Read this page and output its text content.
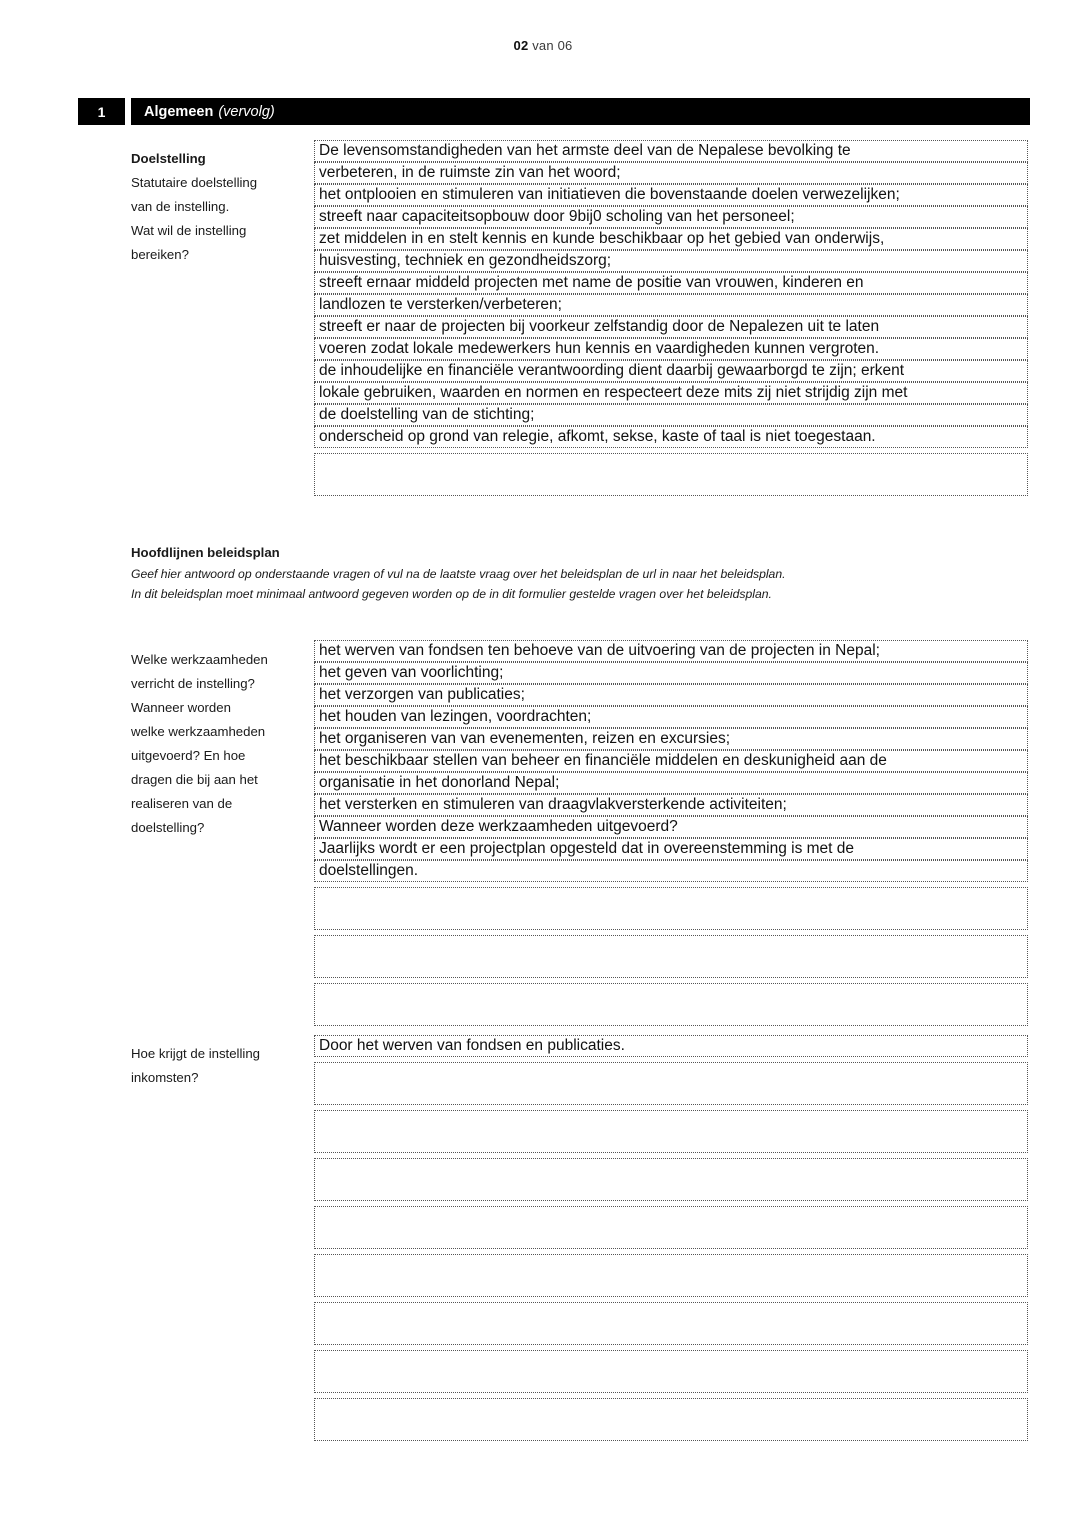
02 van 06
1	Algemeen (vervolg)
Doelstelling
Statutaire doelstelling
van de instelling.
Wat wil de instelling
bereiken?
De levensomstandigheden van het armste deel van de Nepalese bevolking te
verbeteren, in de ruimste zin van het woord;
het ontplooien en stimuleren van initiatieven die bovenstaande doelen verwezelijken;
streeft naar capaciteitsopbouw door 9bij0 scholing van het personeel;
zet middelen in en stelt kennis en kunde beschikbaar op het gebied van onderwijs,
huisvesting, techniek en gezondheidszorg;
streeft ernaar middeld projecten met name de positie van vrouwen, kinderen en
landlozen te versterken/verbeteren;
streeft er naar de projecten bij voorkeur zelfstandig door de Nepalezen uit te laten
voeren zodat lokale medewerkers hun kennis en vaardigheden kunnen vergroten.
de inhoudelijke en financiële verantwoording dient daarbij gewaarborgd te zijn; erkent
lokale gebruiken, waarden en normen en respecteert deze mits zij niet strijdig zijn met
de doelstelling van de stichting;
onderscheid op grond van relegie, afkomt, sekse, kaste of taal is niet toegestaan.
Hoofdlijnen beleidsplan
Geef hier antwoord op onderstaande vragen of vul na de laatste vraag over het beleidsplan de url in naar het beleidsplan.
In dit beleidsplan moet minimaal antwoord gegeven worden op de in dit formulier gestelde vragen over het beleidsplan.
Welke werkzaamheden
verricht de instelling?
Wanneer worden
welke werkzaamheden
uitgevoerd? En hoe
dragen die bij aan het
realiseren van de
doelstelling?
het werven van fondsen ten behoeve van de uitvoering van de projecten in Nepal;
het geven van voorlichting;
het verzorgen van publicaties;
het houden van lezingen, voordrachten;
het organiseren van van evenementen, reizen en excursies;
het beschikbaar stellen van beheer en financiële middelen en deskunigheid aan de
organisatie in het donorland Nepal;
het versterken en stimuleren van draagvlakversterkende activiteiten;
Wanneer worden deze werkzaamheden uitgevoerd?
Jaarlijks wordt er een projectplan opgesteld dat in overeenstemming is met de
doelstellingen.
Hoe krijgt de instelling
inkomsten?
Door het werven van fondsen en publicaties.
